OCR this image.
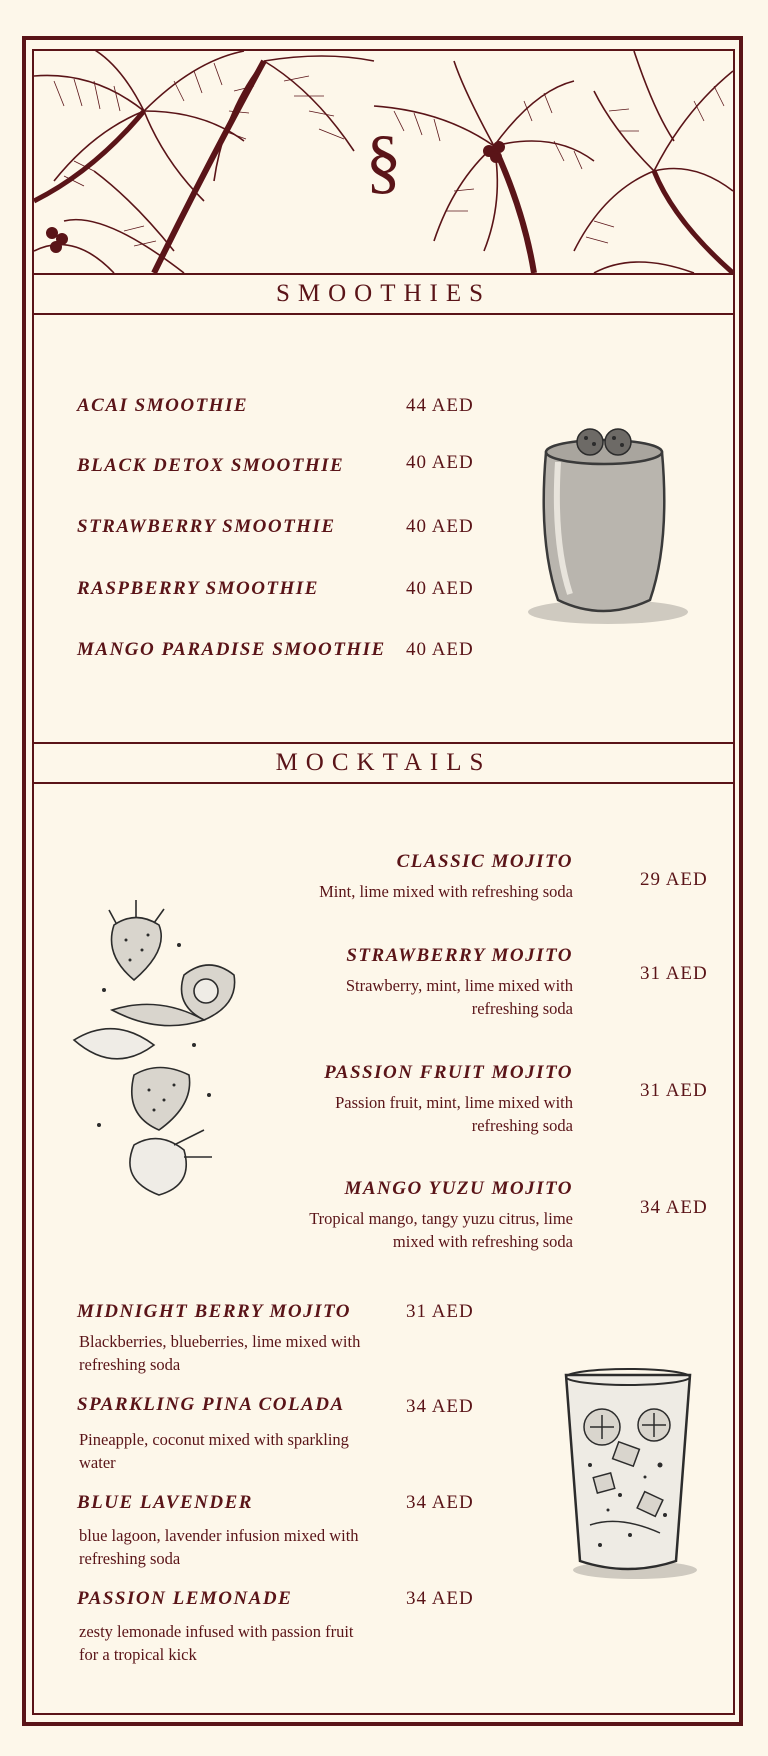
§
SMOOTHIES
ACAI SMOOTHIE	44 AED
BLACK DETOX SMOOTHIE	40 AED
STRAWBERRY SMOOTHIE	40 AED
RASPBERRY SMOOTHIE	40 AED
MANGO PARADISE SMOOTHIE 40 AED
MOCKTAILS
CLASSIC MOJITO
Mint, lime mixed with refreshing soda
29 AED
STRAWBERRY MOJITO
Strawberry, mint, lime mixed with
refreshing soda
31 AED
PASSION FRUIT MOJITO
Passion fruit, mint, lime mixed with
refreshing soda
31 AED
MANGO YUZU MOJITO
Tropical mango, tangy yuzu citrus, lime
mixed with refreshing soda
34 AED
MIDNIGHT BERRY MOJITO
Blackberries, blueberries, lime mixed with
refreshing soda
31 AED
SPARKLING PINA COLADA
Pineapple, coconut mixed with sparkling
water
34 AED
BLUE LAVENDER
blue lagoon, lavender infusion mixed with
refreshing soda
34 AED
PASSION LEMONADE
zesty lemonade infused with passion fruit
for a tropical kick
34 AED
